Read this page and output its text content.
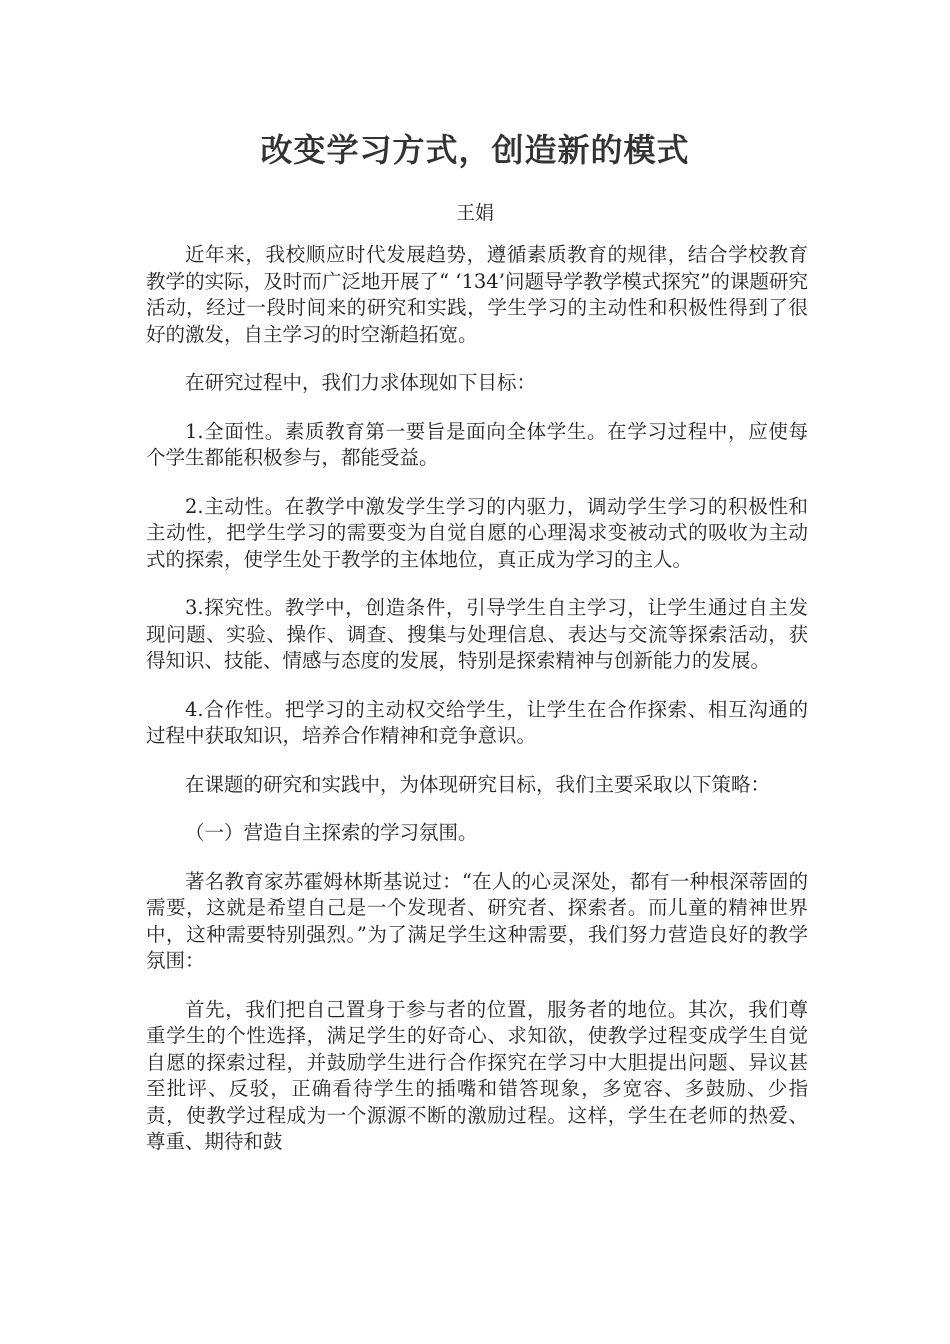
改变学习方式，创造新的模式
王娟

近年来，我校顺应时代发展趋势，遵循素质教育的规律，结合学校教育教学的实际，及时而广泛地开展了“ ‘134’问题导学教学模式探究”的课题研究活动，经过一段时间来的研究和实践，学生学习的主动性和积极性得到了很好的激发，自主学习的时空渐趋拓宽。

在研究过程中，我们力求体现如下目标：

1.全面性。素质教育第一要旨是面向全体学生。在学习过程中，应使每个学生都能积极参与，都能受益。

2.主动性。在教学中激发学生学习的内驱力，调动学生学习的积极性和主动性，把学生学习的需要变为自觉自愿的心理渴求变被动式的吸收为主动式的探索，使学生处于教学的主体地位，真正成为学习的主人。

3.探究性。教学中，创造条件，引导学生自主学习，让学生通过自主发现问题、实验、操作、调查、搜集与处理信息、表达与交流等探索活动，获得知识、技能、情感与态度的发展，特别是探索精神与创新能力的发展。

4.合作性。把学习的主动权交给学生，让学生在合作探索、相互沟通的过程中获取知识，培养合作精神和竞争意识。

在课题的研究和实践中，为体现研究目标，我们主要采取以下策略：

（一）营造自主探索的学习氛围。

著名教育家苏霍姆林斯基说过：“在人的心灵深处，都有一种根深蒂固的需要，这就是希望自己是一个发现者、研究者、探索者。而儿童的精神世界中，这种需要特别强烈。”为了满足学生这种需要，我们努力营造良好的教学氛围：

首先，我们把自己置身于参与者的位置，服务者的地位。其次，我们尊重学生的个性选择，满足学生的好奇心、求知欲，使教学过程变成学生自觉自愿的探索过程，并鼓励学生进行合作探究在学习中大胆提出问题、异议甚至批评、反驳，正确看待学生的插嘴和错答现象，多宽容、多鼓励、少指责，使教学过程成为一个源源不断的激励过程。这样，学生在老师的热爱、尊重、期待和鼓
